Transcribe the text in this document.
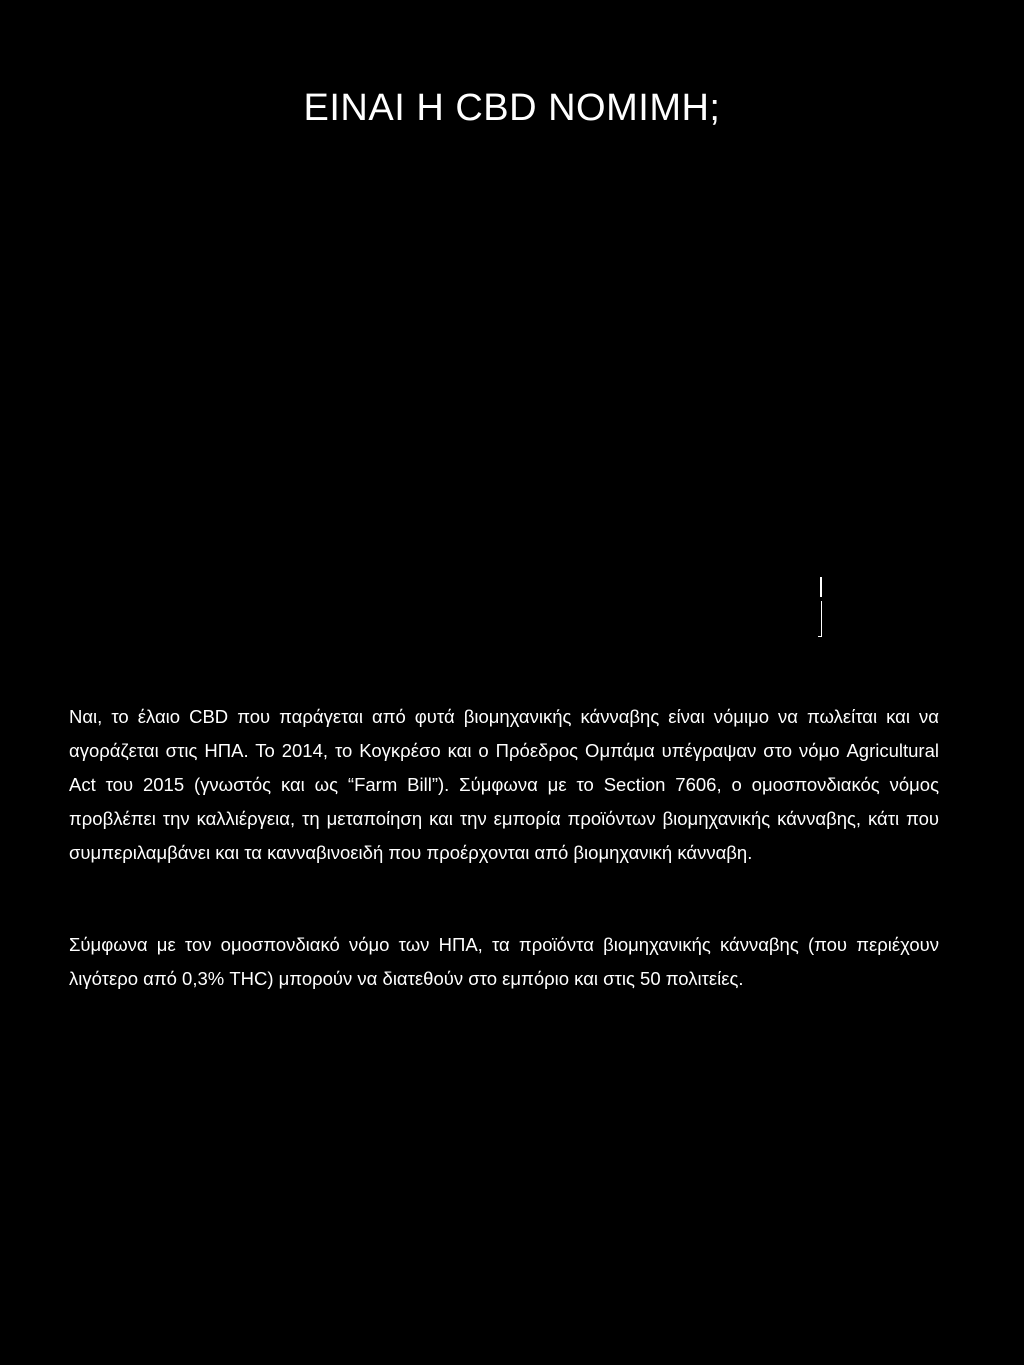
ΕΙΝΑΙ Η CBD ΝΟΜΙΜΗ;

Ναι, το έλαιο CBD που παράγεται από φυτά βιομηχανικής κάνναβης είναι νόμιμο να πωλείται και να αγοράζεται στις ΗΠΑ. Το 2014, το Κογκρέσο και ο Πρόεδρος Ομπάμα υπέγραψαν στο νόμο Agricultural Act του 2015 (γνωστός και ως “Farm Bill”). Σύμφωνα με το Section 7606, ο ομοσπονδιακός νόμος προβλέπει την καλλιέργεια, τη μεταποίηση και την εμπορία προϊόντων βιομηχανικής κάνναβης, κάτι που συμπεριλαμβάνει και τα κανναβινοειδή που προέρχονται από βιομηχανική κάνναβη.

Σύμφωνα με τον ομοσπονδιακό νόμο των ΗΠΑ, τα προϊόντα βιομηχανικής κάνναβης (που περιέχουν λιγότερο από 0,3% THC) μπορούν να διατεθούν στο εμπόριο και στις 50 πολιτείες.
